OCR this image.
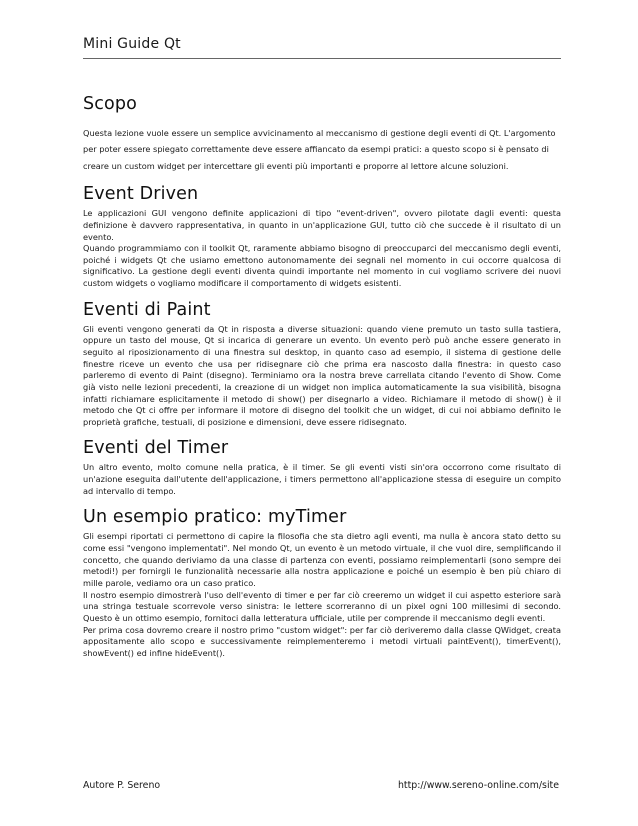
Mini Guide Qt
Scopo

Questa lezione vuole essere un semplice avvicinamento al meccanismo di gestione degli eventi di Qt. L'argomento per poter essere spiegato correttamente deve essere affiancato da esempi pratici: a questo scopo si è pensato di creare un custom widget per intercettare gli eventi più importanti e proporre al lettore alcune soluzioni.

Event Driven

Le applicazioni GUI vengono definite applicazioni di tipo "event-driven", ovvero pilotate dagli eventi: questa definizione è davvero rappresentativa, in quanto in un'applicazione GUI, tutto ciò che succede è il risultato di un evento.

Quando programmiamo con il toolkit Qt, raramente abbiamo bisogno di preoccuparci del meccanismo degli eventi, poiché i widgets Qt che usiamo emettono autonomamente dei segnali nel momento in cui occorre qualcosa di significativo. La gestione degli eventi diventa quindi importante nel momento in cui vogliamo scrivere dei nuovi custom widgets o vogliamo modificare il comportamento di widgets esistenti.

Eventi di Paint

Gli eventi vengono generati da Qt in risposta a diverse situazioni: quando viene premuto un tasto sulla tastiera, oppure un tasto del mouse, Qt si incarica di generare un evento. Un evento però può anche essere generato in seguito al riposizionamento di una finestra sul desktop, in quanto caso ad esempio, il sistema di gestione delle finestre riceve un evento che usa per ridisegnare ciò che prima era nascosto dalla finestra: in questo caso parleremo di evento di Paint (disegno). Terminiamo ora la nostra breve carrellata citando l'evento di Show. Come già visto nelle lezioni precedenti, la creazione di un widget non implica automaticamente la sua visibilità, bisogna infatti richiamare esplicitamente il metodo di show() per disegnarlo a video. Richiamare il metodo di show() è il metodo che Qt ci offre per informare il motore di disegno del toolkit che un widget, di cui noi abbiamo definito le proprietà grafiche, testuali, di posizione e dimensioni, deve essere ridisegnato.

Eventi del Timer

Un altro evento, molto comune nella pratica, è il timer. Se gli eventi visti sin'ora occorrono come risultato di un'azione eseguita dall'utente dell'applicazione, i timers permettono all'applicazione stessa di eseguire un compito ad intervallo di tempo.

Un esempio pratico: myTimer

Gli esempi riportati ci permettono di capire la filosofia che sta dietro agli eventi, ma nulla è ancora stato detto su come essi "vengono implementati". Nel mondo Qt, un evento è un metodo virtuale, il che vuol dire, semplificando il concetto, che quando deriviamo da una classe di partenza con eventi, possiamo reimplementarli (sono sempre dei metodi!) per fornirgli le funzionalità necessarie alla nostra applicazione e poiché un esempio è ben più chiaro di mille parole, vediamo ora un caso pratico.

Il nostro esempio dimostrerà l'uso dell'evento di timer e per far ciò creeremo un widget il cui aspetto esteriore sarà una stringa testuale scorrevole verso sinistra: le lettere scorreranno di un pixel ogni 100 millesimi di secondo. Questo è un ottimo esempio, fornitoci dalla letteratura ufficiale, utile per comprende il meccanismo degli eventi.

Per prima cosa dovremo creare il nostro primo "custom widget": per far ciò deriveremo dalla classe QWidget, creata appositamente allo scopo e successivamente reimplementeremo i metodi virtuali paintEvent(), timerEvent(), showEvent() ed infine hideEvent().

Autore P. Sereno	http://www.sereno-online.com/site
